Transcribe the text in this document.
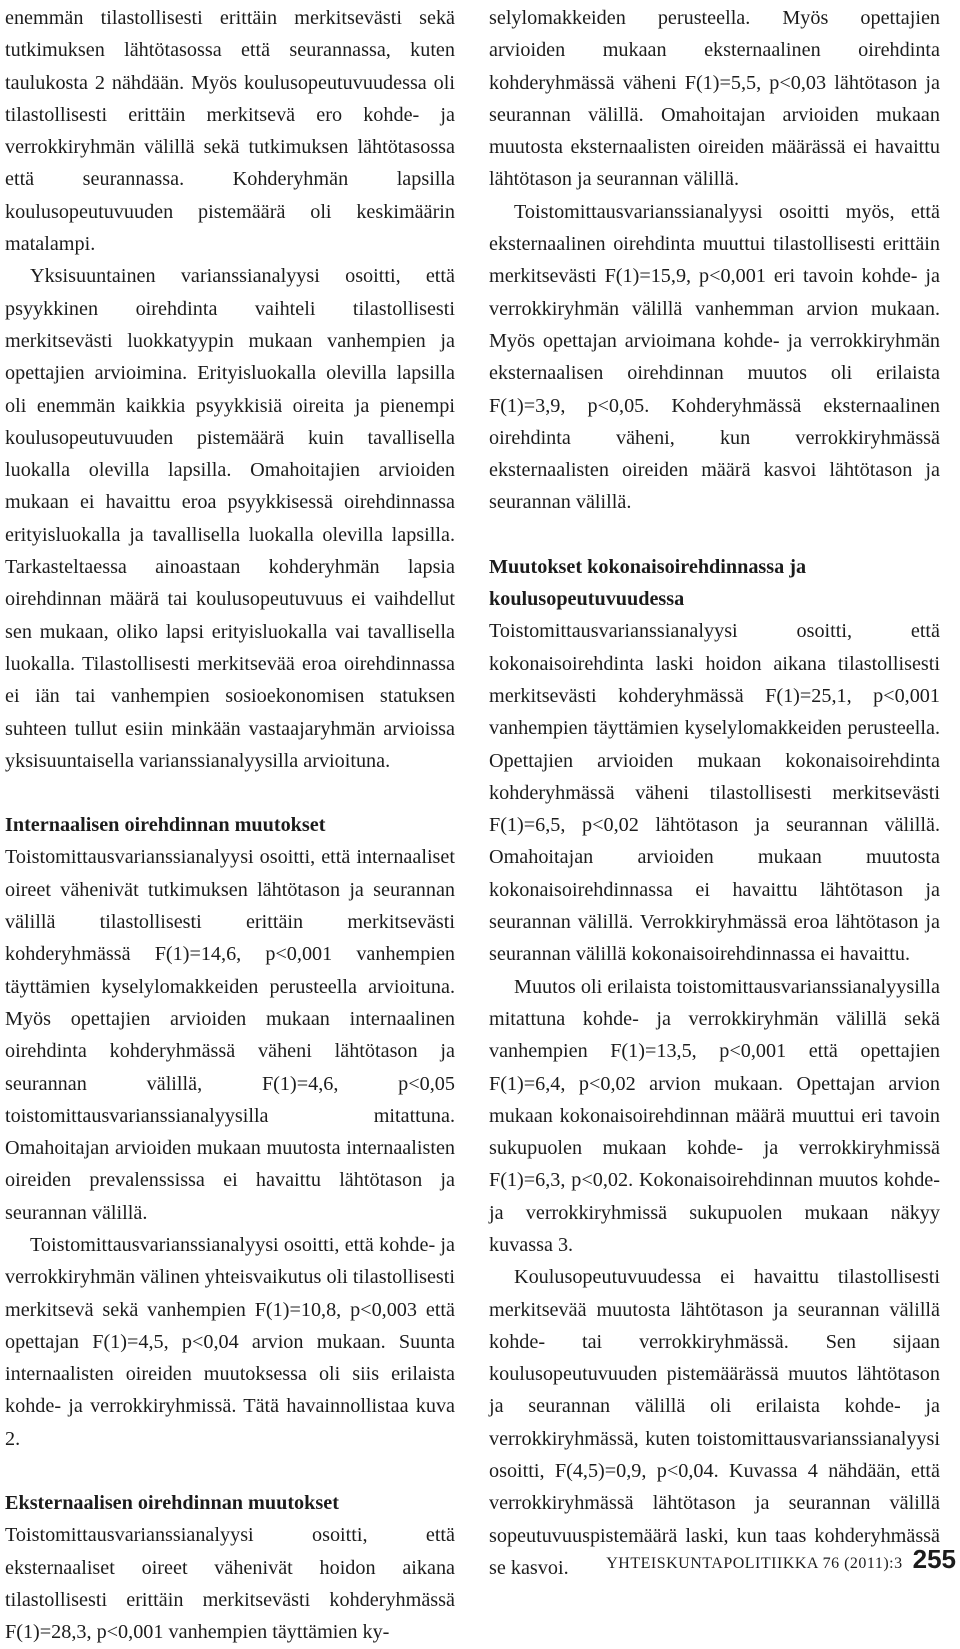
enemmän tilastollisesti erittäin merkitsevästi sekä tutkimuksen lähtötasossa että seurannassa, kuten taulukosta 2 nähdään. Myös koulusopeutuvuudessa oli tilastollisesti erittäin merkitsevä ero kohde- ja verrokkiryhmän välillä sekä tutkimuksen lähtötasossa että seurannassa. Kohderyhmän lapsilla koulusopeutuvuuden pistemäärä oli keskimäärin matalampi.

Yksisuuntainen varianssianalyysi osoitti, että psyykkinen oirehdinta vaihteli tilastollisesti merkitsevästi luokkatyypin mukaan vanhempien ja opettajien arvioimina. Erityisluokalla olevilla lapsilla oli enemmän kaikkia psyykkisiä oireita ja pienempi koulusopeutuvuuden pistemäärä kuin tavallisella luokalla olevilla lapsilla. Omahoitajien arvioiden mukaan ei havaittu eroa psyykkisessä oirehdinnassa erityisluokalla ja tavallisella luokalla olevilla lapsilla. Tarkasteltaessa ainoastaan kohderyhmän lapsia oirehdinnan määrä tai koulusopeutuvuus ei vaihdellut sen mukaan, oliko lapsi erityisluokalla vai tavallisella luokalla. Tilastollisesti merkitsevää eroa oirehdinnassa ei iän tai vanhempien sosioekonomisen statuksen suhteen tullut esiin minkään vastaajaryhmän arvioissa yksisuuntaisella varianssianalyysilla arvioituna.

Internaalisen oirehdinnan muutokset

Toistomittausvarianssianalyysi osoitti, että internaaliset oireet vähenivät tutkimuksen lähtötason ja seurannan välillä tilastollisesti erittäin merkitsevästi kohderyhmässä F(1)=14,6, p<0,001 vanhempien täyttämien kyselylomakkeiden perusteella arvioituna. Myös opettajien arvioiden mukaan internaalinen oirehdinta kohderyhmässä väheni lähtötason ja seurannan välillä, F(1)=4,6, p<0,05 toistomittausvarianssianalyysilla mitattuna. Omahoitajan arvioiden mukaan muutosta internaalisten oireiden prevalenssissa ei havaittu lähtötason ja seurannan välillä.

Toistomittausvarianssianalyysi osoitti, että kohde- ja verrokkiryhmän välinen yhteisvaikutus oli tilastollisesti merkitsevä sekä vanhempien F(1)=10,8, p<0,003 että opettajan F(1)=4,5, p<0,04 arvion mukaan. Suunta internaalisten oireiden muutoksessa oli siis erilaista kohde- ja verrokkiryhmissä. Tätä havainnollistaa kuva 2.

Eksternaalisen oirehdinnan muutokset

Toistomittausvarianssianalyysi osoitti, että eksternaaliset oireet vähenivät hoidon aikana tilastollisesti erittäin merkitsevästi kohderyhmässä F(1)=28,3, p<0,001 vanhempien täyttämien ky-

selylomakkeiden perusteella. Myös opettajien arvioiden mukaan eksternaalinen oirehdinta kohderyhmässä väheni F(1)=5,5, p<0,03 lähtötason ja seurannan välillä. Omahoitajan arvioiden mukaan muutosta eksternaalisten oireiden määrässä ei havaittu lähtötason ja seurannan välillä.

Toistomittausvarianssianalyysi osoitti myös, että eksternaalinen oirehdinta muuttui tilastollisesti erittäin merkitsevästi F(1)=15,9, p<0,001 eri tavoin kohde- ja verrokkiryhmän välillä vanhemman arvion mukaan. Myös opettajan arvioimana kohde- ja verrokkiryhmän eksternaalisen oirehdinnan muutos oli erilaista F(1)=3,9, p<0,05. Kohderyhmässä eksternaalinen oirehdinta väheni, kun verrokkiryhmässä eksternaalisten oireiden määrä kasvoi lähtötason ja seurannan välillä.

Muutokset kokonaisoirehdinnassa ja koulusopeutuvuudessa

Toistomittausvarianssianalyysi osoitti, että kokonaisoirehdinta laski hoidon aikana tilastollisesti merkitsevästi kohderyhmässä F(1)=25,1, p<0,001 vanhempien täyttämien kyselylomakkeiden perusteella. Opettajien arvioiden mukaan kokonaisoirehdinta kohderyhmässä väheni tilastollisesti merkitsevästi F(1)=6,5, p<0,02 lähtötason ja seurannan välillä. Omahoitajan arvioiden mukaan muutosta kokonaisoirehdinnassa ei havaittu lähtötason ja seurannan välillä. Verrokkiryhmässä eroa lähtötason ja seurannan välillä kokonaisoirehdinnassa ei havaittu.

Muutos oli erilaista toistomittausvarianssianalyysilla mitattuna kohde- ja verrokkiryhmän välillä sekä vanhempien F(1)=13,5, p<0,001 että opettajien F(1)=6,4, p<0,02 arvion mukaan. Opettajan arvion mukaan kokonaisoirehdinnan määrä muuttui eri tavoin sukupuolen mukaan kohde- ja verrokkiryhmissä F(1)=6,3, p<0,02. Kokonaisoirehdinnan muutos kohde- ja verrokkiryhmissä sukupuolen mukaan näkyy kuvassa 3.

Koulusopeutuvuudessa ei havaittu tilastollisesti merkitsevää muutosta lähtötason ja seurannan välillä kohde- tai verrokkiryhmässä. Sen sijaan koulusopeutuvuuden pistemäärässä muutos lähtötason ja seurannan välillä oli erilaista kohde- ja verrokkiryhmässä, kuten toistomittausvarianssianalyysi osoitti, F(4,5)=0,9, p<0,04. Kuvassa 4 nähdään, että verrokkiryhmässä lähtötason ja seurannan välillä sopeutuvuuspistemäärä laski, kun taas kohderyhmässä se kasvoi.	YHTEISKUNTAPOLITIIKKA 76 (2011):3 255
